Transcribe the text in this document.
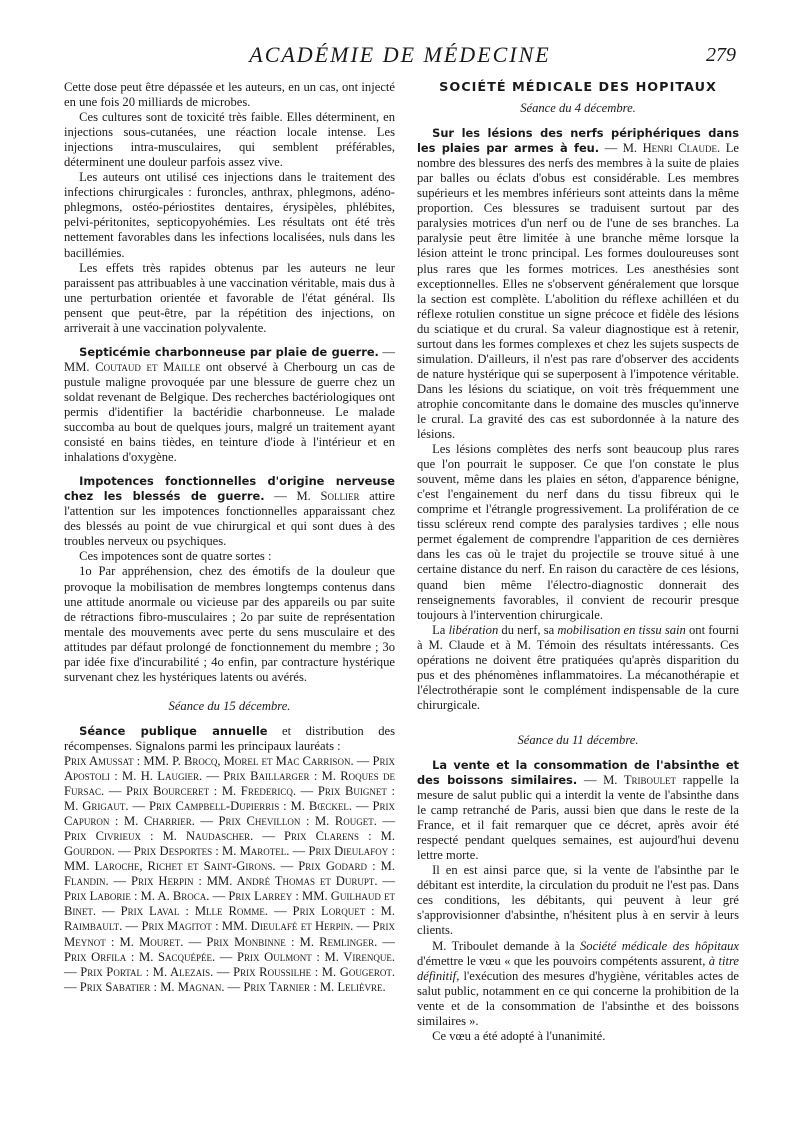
ACADÉMIE DE MÉDECINE	279

Cette dose peut être dépassée et les auteurs, en un cas, ont injecté en une fois 20 milliards de microbes.

Ces cultures sont de toxicité très faible. Elles déterminent, en injections sous-cutanées, une réaction locale intense. Les injections intra-musculaires, qui semblent préférables, déterminent une douleur parfois assez vive.

Les auteurs ont utilisé ces injections dans le traitement des infections chirurgicales : furoncles, anthrax, phlegmons, adéno-phlegmons, ostéo-périostites dentaires, érysipèles, phlébites, pelvi-péritonites, septicopyohémies. Les résultats ont été très nettement favorables dans les infections localisées, nuls dans les bacillémies.

Les effets très rapides obtenus par les auteurs ne leur paraissent pas attribuables à une vaccination véritable, mais dus à une perturbation orientée et favorable de l'état général. Ils pensent que peut-être, par la répétition des injections, on arriverait à une vaccination polyvalente.

Septicémie charbonneuse par plaie de guerre. — MM. Coutaud et Maille ont observé à Cherbourg un cas de pustule maligne provoquée par une blessure de guerre chez un soldat revenant de Belgique. Des recherches bactériologiques ont permis d'identifier la bactéridie charbonneuse. Le malade succomba au bout de quelques jours, malgré un traitement ayant consisté en bains tièdes, en teinture d'iode à l'intérieur et en inhalations d'oxygène.

Impotences fonctionnelles d'origine nerveuse chez les blessés de guerre. — M. Sollier attire l'attention sur les impotences fonctionnelles apparaissant chez des blessés au point de vue chirurgical et qui sont dues à des troubles nerveux ou psychiques.

Ces impotences sont de quatre sortes :

1o Par appréhension, chez des émotifs de la douleur que provoque la mobilisation de membres longtemps contenus dans une attitude anormale ou vicieuse par des appareils ou par suite de rétractions fibro-musculaires ; 2o par suite de représentation mentale des mouvements avec perte du sens musculaire et des attitudes par défaut prolongé de fonctionnement du membre ; 3o par idée fixe d'incurabilité ; 4o enfin, par contracture hystérique survenant chez les hystériques latents ou avérés.

Séance du 15 décembre.

Séance publique annuelle et distribution des récompenses. Signalons parmi les principaux lauréats :

Prix Amussat : MM. P. Brocq, Morel et Mac Carrison. — Prix Apostoli : M. H. Laugier. — Prix Baillarger : M. Roques de Fursac. — Prix Bourceret : M. Fredericq. — Prix Buignet : M. Grigaut. — Prix Campbell-Dupierris : M. Bœckel. — Prix Capuron : M. Charrier. — Prix Chevillon : M. Rouget. — Prix Civrieux : M. Naudascher. — Prix Clarens : M. Gourdon. — Prix Desportes : M. Marotel. — Prix Dieulafoy : MM. Laroche, Richet et Saint-Girons. — Prix Godard : M. Flandin. — Prix Herpin : MM. André Thomas et Durupt. — Prix Laborie : M. A. Broca. — Prix Larrey : MM. Guilhaud et Binet. — Prix Laval : Mlle Romme. — Prix Lorquet : M. Raimbault. — Prix Magitot : MM. Dieulafé et Herpin. — Prix Meynot : M. Mouret. — Prix Monbinne : M. Remlinger. — Prix Orfila : M. Sacquépée. — Prix Oulmont : M. Virenque. — Prix Portal : M. Alezais. — Prix Roussilhe : M. Gougerot. — Prix Sabatier : M. Magnan. — Prix Tarnier : M. Lelièvre.

SOCIÉTÉ MÉDICALE DES HOPITAUX

Séance du 4 décembre.

Sur les lésions des nerfs périphériques dans les plaies par armes à feu. — M. Henri Claude. Le nombre des blessures des nerfs des membres à la suite de plaies par balles ou éclats d'obus est considérable. Les membres supérieurs et les membres inférieurs sont atteints dans la même proportion. Ces blessures se traduisent surtout par des paralysies motrices d'un nerf ou de l'une de ses branches. La paralysie peut être limitée à une branche même lorsque la lésion atteint le tronc principal. Les formes douloureuses sont plus rares que les formes motrices. Les anesthésies sont exceptionnelles. Elles ne s'observent généralement que lorsque la section est complète. L'abolition du réflexe achilléen et du réflexe rotulien constitue un signe précoce et fidèle des lésions du sciatique et du crural. Sa valeur diagnostique est à retenir, surtout dans les formes complexes et chez les sujets suspects de simulation. D'ailleurs, il n'est pas rare d'observer des accidents de nature hystérique qui se superposent à l'impotence véritable. Dans les lésions du sciatique, on voit très fréquemment une atrophie concomitante dans le domaine des muscles qu'innerve le crural. La gravité des cas est subordonnée à la nature des lésions.

Les lésions complètes des nerfs sont beaucoup plus rares que l'on pourrait le supposer. Ce que l'on constate le plus souvent, même dans les plaies en séton, d'apparence bénigne, c'est l'engainement du nerf dans du tissu fibreux qui le comprime et l'étrangle progressivement. La prolifération de ce tissu scléreux rend compte des paralysies tardives ; elle nous permet également de comprendre l'apparition de ces dernières dans les cas où le trajet du projectile se trouve situé à une certaine distance du nerf. En raison du caractère de ces lésions, quand bien même l'électro-diagnostic donnerait des renseignements favorables, il convient de recourir presque toujours à l'intervention chirurgicale.

La libération du nerf, sa mobilisation en tissu sain ont fourni à M. Claude et à M. Témoin des résultats intéressants. Ces opérations ne doivent être pratiquées qu'après disparition du pus et des phénomènes inflammatoires. La mécanothérapie et l'électrothérapie sont le complément indispensable de la cure chirurgicale.

Séance du 11 décembre.

La vente et la consommation de l'absinthe et des boissons similaires. — M. Triboulet rappelle la mesure de salut public qui a interdit la vente de l'absinthe dans le camp retranché de Paris, aussi bien que dans le reste de la France, et il fait remarquer que ce décret, après avoir été respecté pendant quelques semaines, est aujourd'hui devenu lettre morte.

Il en est ainsi parce que, si la vente de l'absinthe par le débitant est interdite, la circulation du produit ne l'est pas. Dans ces conditions, les débitants, qui peuvent à leur gré s'approvisionner d'absinthe, n'hésitent plus à en servir à leurs clients.

M. Triboulet demande à la Société médicale des hôpitaux d'émettre le vœu « que les pouvoirs compétents assurent, à titre définitif, l'exécution des mesures d'hygiène, véritables actes de salut public, notamment en ce qui concerne la prohibition de la vente et de la consommation de l'absinthe et des boissons similaires ».

Ce vœu a été adopté à l'unanimité.
